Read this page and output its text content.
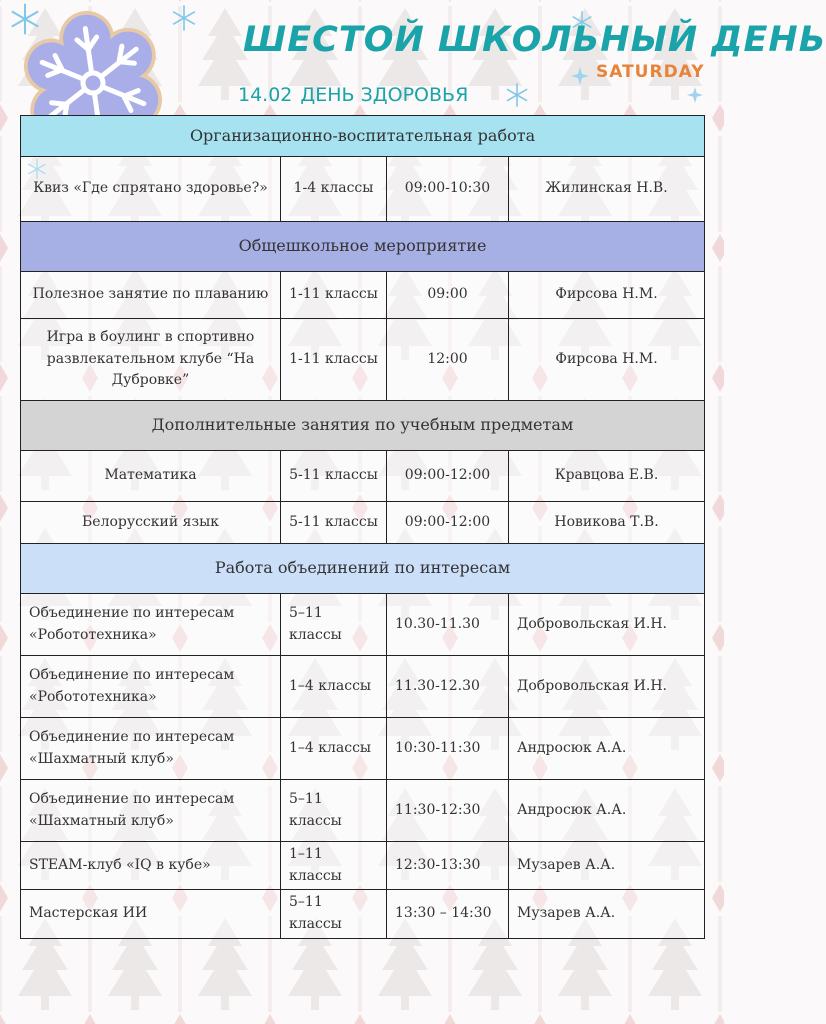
ШЕСТОЙ ШКОЛЬНЫЙ ДЕНЬ
SATURDAY
14.02 ДЕНЬ ЗДОРОВЬЯ
Организационно-воспитательная работа			
Квиз «Где спрятано здоровье?»	1-4 классы	09:00-10:30	Жилинская Н.В.
Общешкольное мероприятие			
Полезное занятие по плаванию	1-11 классы	09:00	Фирсова Н.М.
Игра в боулинг в спортивно развлекательном клубе “На Дубровке”	1-11 классы	12:00	Фирсова Н.М.
Дополнительные занятия по учебным предметам			
Математика	5-11 классы	09:00-12:00	Кравцова Е.В.
Белорусский язык	5-11 классы	09:00-12:00	Новикова Т.В.
Работа объединений по интересам			
Объединение по интересам «Робототехника»	5–11 классы	10.30-11.30	Добровольская И.Н.
Объединение по интересам «Робототехника»	1–4 классы	11.30-12.30	Добровольская И.Н.
Объединение по интересам «Шахматный клуб»	1–4 классы	10:30-11:30	Андросюк А.А.
Объединение по интересам «Шахматный клуб»	5–11 классы	11:30-12:30	Андросюк А.А.
STEAM-клуб «IQ в кубе»	1–11 классы	12:30-13:30	Музарев А.А.
Мастерская ИИ	5–11 классы	13:30 – 14:30	Музарев А.А.
